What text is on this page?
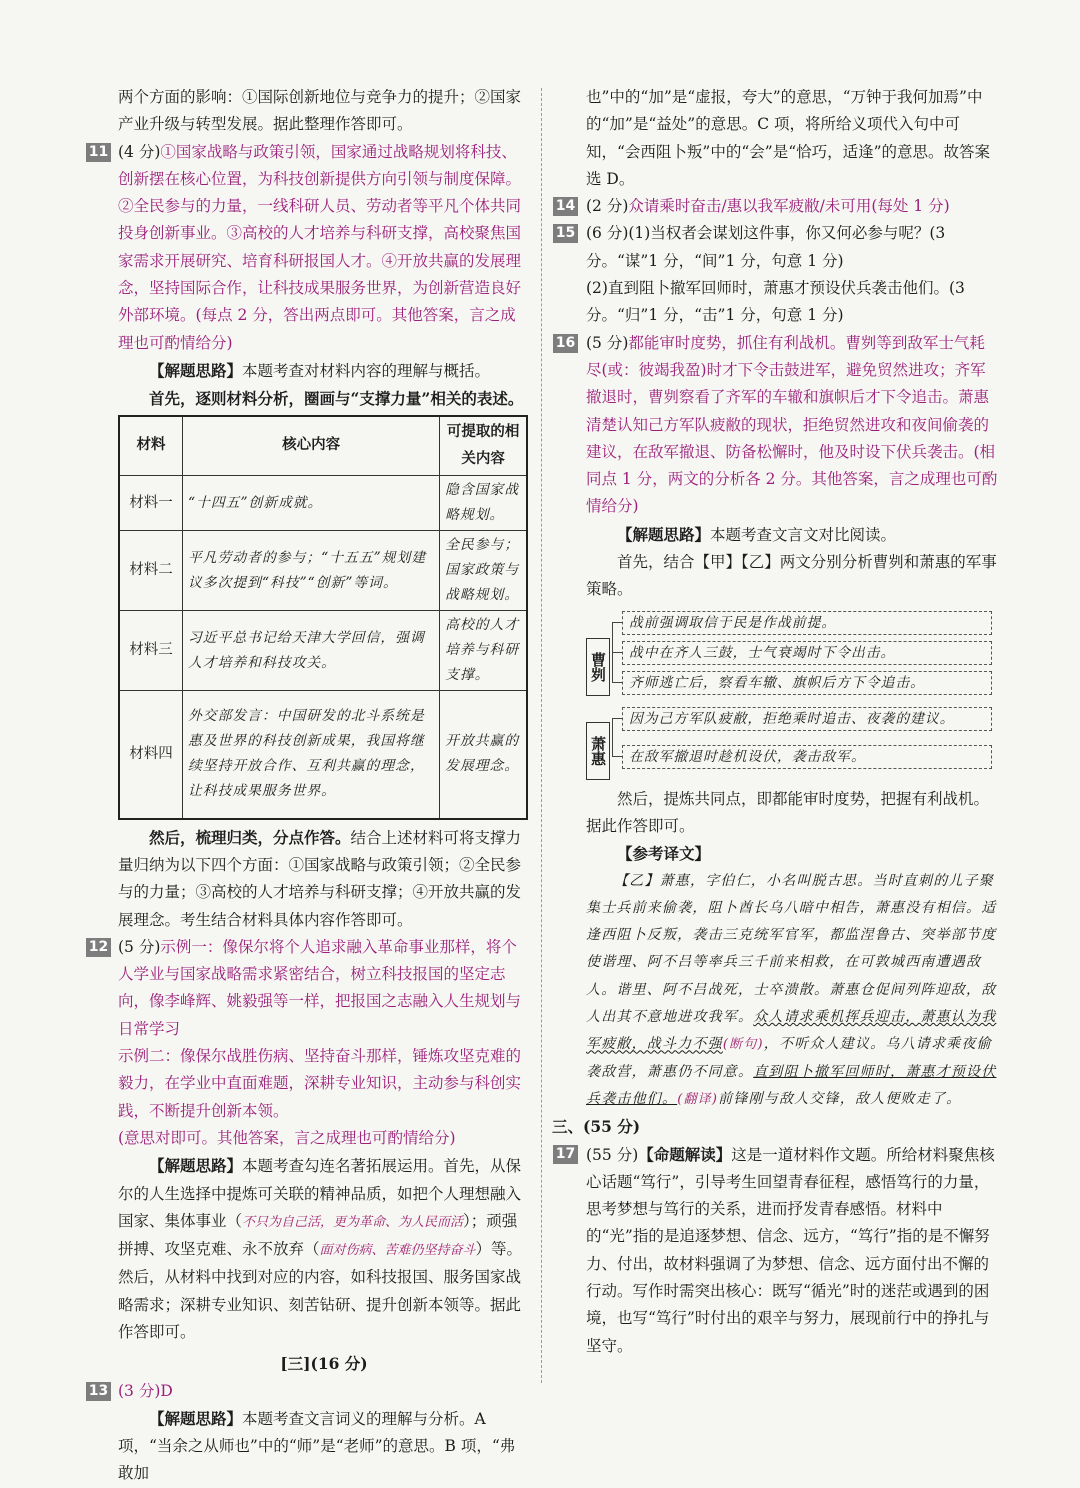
两个方面的影响：①国际创新地位与竞争力的提升；②国家

产业升级与转型发展。据此整理作答即可。

11 (4 分)①国家战略与政策引领，国家通过战略规划将科技、创新摆在核心位置，为科技创新提供方向引领与制度保障。②全民参与的力量，一线科研人员、劳动者等平凡个体共同投身创新事业。③高校的人才培养与科研支撑，高校聚焦国家需求开展研究、培育科研报国人才。④开放共赢的发展理念，坚持国际合作，让科技成果服务世界，为创新营造良好外部环境。(每点 2 分，答出两点即可。其他答案，言之成理也可酌情给分)

【解题思路】本题考查对材料内容的理解与概括。

首先，逐则材料分析，圈画与“支撑力量”相关的表述。

材料	核心内容	可提取的相关内容
材料一	“十四五”创新成就。	隐含国家战略规划。
材料二	平凡劳动者的参与；“十五五”规划建议多次提到“科技”“创新”等词。	全民参与；国家政策与战略规划。
材料三	习近平总书记给天津大学回信，强调人才培养和科技攻关。	高校的人才培养与科研支撑。
材料四	外交部发言：中国研发的北斗系统是惠及世界的科技创新成果，我国将继续坚持开放合作、互利共赢的理念，让科技成果服务世界。	开放共赢的发展理念。

然后，梳理归类，分点作答。结合上述材料可将支撑力量归纳为以下四个方面：①国家战略与政策引领；②全民参与的力量；③高校的人才培养与科研支撑；④开放共赢的发展理念。考生结合材料具体内容作答即可。

12 (5 分)示例一：像保尔将个人追求融入革命事业那样，将个人学业与国家战略需求紧密结合，树立科技报国的坚定志向，像李峰辉、姚毅强等一样，把报国之志融入人生规划与日常学习

示例二：像保尔战胜伤病、坚持奋斗那样，锤炼攻坚克难的毅力，在学业中直面难题，深耕专业知识，主动参与科创实践，不断提升创新本领。

(意思对即可。其他答案，言之成理也可酌情给分)

【解题思路】本题考查勾连名著拓展运用。首先，从保尔的人生选择中提炼可关联的精神品质，如把个人理想融入国家、集体事业（不只为自己活，更为革命、为人民而活）；顽强拼搏、攻坚克难、永不放弃（面对伤病、苦难仍坚持奋斗）等。然后，从材料中找到对应的内容，如科技报国、服务国家战略需求；深耕专业知识、刻苦钻研、提升创新本领等。据此作答即可。

[三](16 分)

13 (3 分)D

【解题思路】本题考查文言词义的理解与分析。A 项，“当余之从师也”中的“师”是“老师”的意思。B 项，“弗敢加

也”中的“加”是“虚报，夸大”的意思，“万钟于我何加焉”中的“加”是“益处”的意思。C 项，将所给义项代入句中可知，“会西阻卜叛”中的“会”是“恰巧，适逢”的意思。故答案选 D。

14 (2 分)众请乘时奋击/惠以我军疲敝/未可用(每处 1 分)

15 (6 分)(1)当权者会谋划这件事，你又何必参与呢？(3 分。“谋”1 分，“间”1 分，句意 1 分)

(2)直到阻卜撤军回师时，萧惠才预设伏兵袭击他们。(3 分。“归”1 分，“击”1 分，句意 1 分)

16 (5 分)都能审时度势，抓住有利战机。曹刿等到敌军士气耗尽(或：彼竭我盈)时才下令击鼓进军，避免贸然进攻；齐军撤退时，曹刿察看了齐军的车辙和旗帜后才下令追击。萧惠清楚认知己方军队疲敝的现状，拒绝贸然进攻和夜间偷袭的建议，在敌军撤退、防备松懈时，他及时设下伏兵袭击。(相同点 1 分，两文的分析各 2 分。其他答案，言之成理也可酌情给分)

【解题思路】本题考查文言文对比阅读。

首先，结合【甲】【乙】两文分别分析曹刿和萧惠的军事策略。

曹刿
战前强调取信于民是作战前提。
战中在齐人三鼓，士气衰竭时下令出击。
齐师逃亡后，察看车辙、旗帜后方下令追击。
萧惠
因为己方军队疲敝，拒绝乘时追击、夜袭的建议。
在敌军撤退时趁机设伏，袭击敌军。

然后，提炼共同点，即都能审时度势，把握有利战机。据此作答即可。

【参考译文】

【乙】萧惠，字伯仁，小名叫脱古思。当时直刺的儿子聚集士兵前来偷袭，阻卜酋长乌八暗中相告，萧惠没有相信。适逢西阻卜反叛，袭击三克统军官军，都监涅鲁古、突举部节度使谐理、阿不吕等率兵三千前来相救，在可敦城西南遭遇敌人。谐里、阿不吕战死，士卒溃散。萧惠仓促间列阵迎敌，敌人出其不意地进攻我军。众人请求乘机挥兵迎击，萧惠认为我军疲敝，战斗力不强(断句)，不听众人建议。乌八请求乘夜偷袭敌营，萧惠仍不同意。直到阻卜撤军回师时，萧惠才预设伏兵袭击他们。(翻译)前锋刚与敌人交锋，敌人便败走了。

三、(55 分)

17 (55 分)【命题解读】这是一道材料作文题。所给材料聚焦核心话题“笃行”，引导考生回望青春征程，感悟笃行的力量，思考梦想与笃行的关系，进而抒发青春感悟。材料中的“光”指的是追逐梦想、信念、远方，“笃行”指的是不懈努力、付出，故材料强调了为梦想、信念、远方面付出不懈的行动。写作时需突出核心：既写“循光”时的迷茫或遇到的困境，也写“笃行”时付出的艰辛与努力，展现前行中的挣扎与坚守。
